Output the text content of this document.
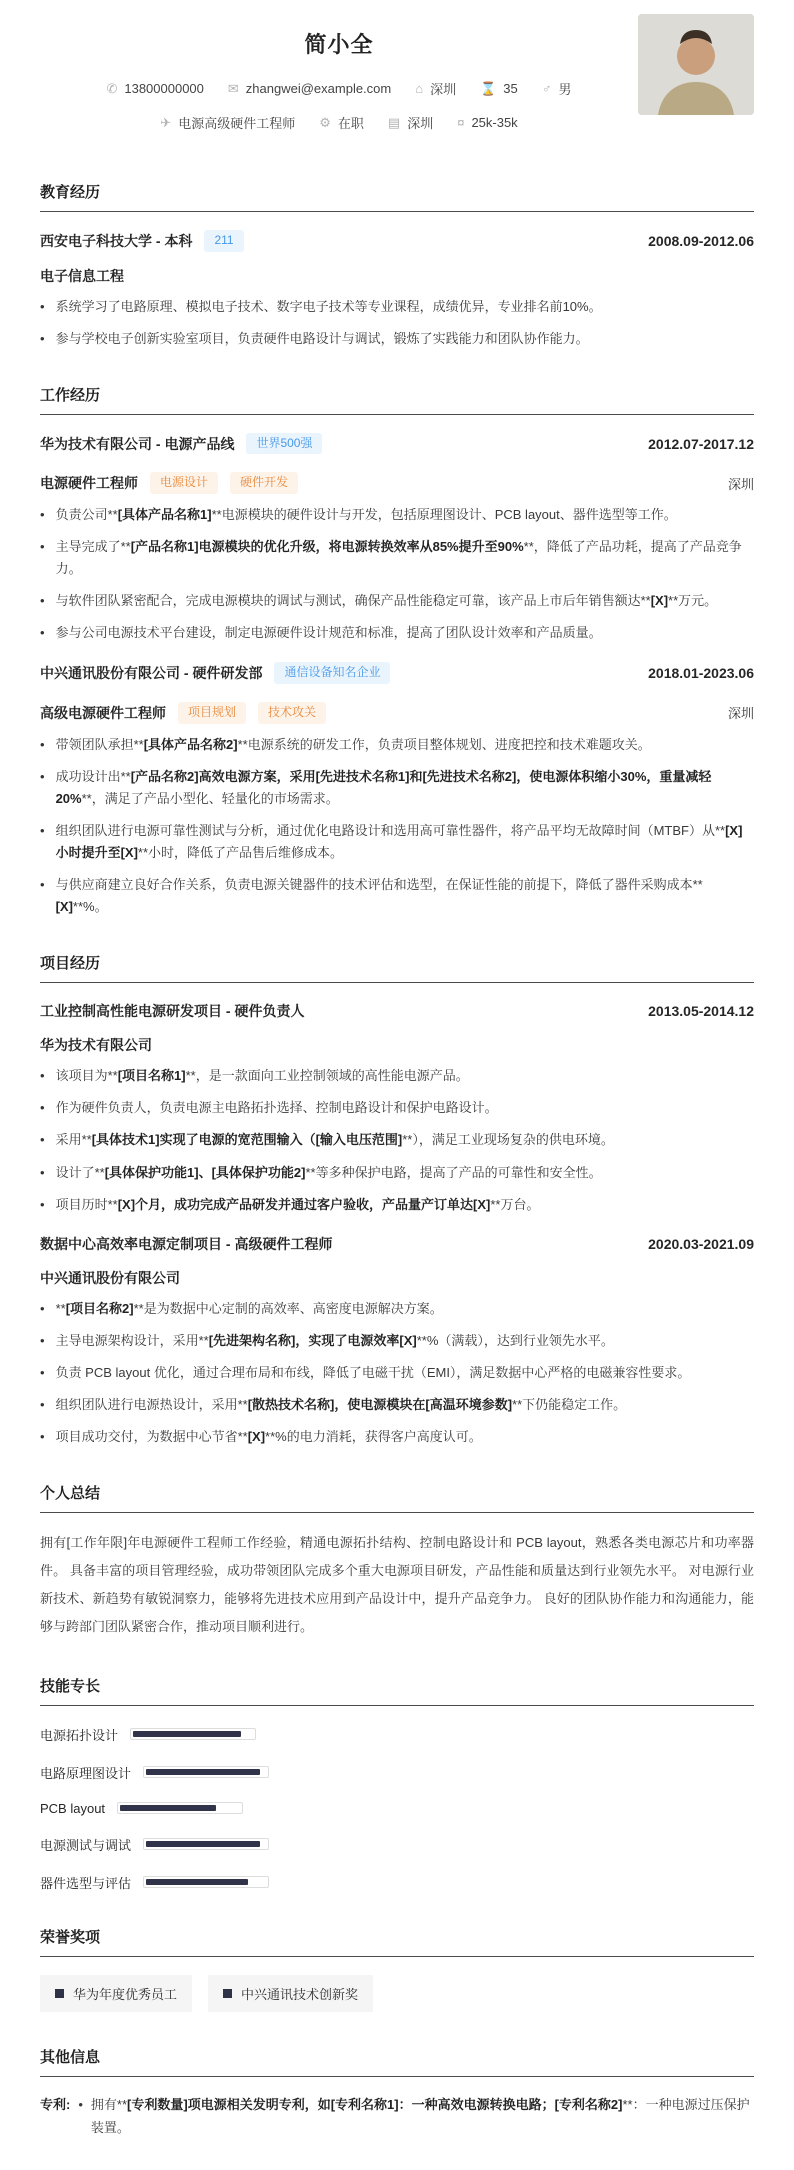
简小全
✆ 13800000000 ✉ zhangwei@example.com ⌂ 深圳 ⌛ 35 ♂ 男
✈ 电源高级硬件工程师 ⚙ 在职 ▤ 深圳 ¤ 25k-35k
教育经历
西安电子科技大学 - 本科	211	2008.09-2012.06
电子信息工程
• 系统学习了电路原理、模拟电子技术、数字电子技术等专业课程，成绩优异，专业排名前10%。
• 参与学校电子创新实验室项目，负责硬件电路设计与调试，锻炼了实践能力和团队协作能力。
工作经历
华为技术有限公司 - 电源产品线	世界500强	2012.07-2017.12
电源硬件工程师	电源设计	硬件开发	深圳
• 负责公司**[具体产品名称1]**电源模块的硬件设计与开发，包括原理图设计、PCB layout、器件选型等工作。
• 主导完成了**[产品名称1]电源模块的优化升级，将电源转换效率从85%提升至90%**，降低了产品功耗，提高了产品竞争力。
• 与软件团队紧密配合，完成电源模块的调试与测试，确保产品性能稳定可靠，该产品上市后年销售额达**[X]**万元。
• 参与公司电源技术平台建设，制定电源硬件设计规范和标准，提高了团队设计效率和产品质量。
中兴通讯股份有限公司 - 硬件研发部	通信设备知名企业	2018.01-2023.06
高级电源硬件工程师	项目规划	技术攻关	深圳
• 带领团队承担**[具体产品名称2]**电源系统的研发工作，负责项目整体规划、进度把控和技术难题攻关。
• 成功设计出**[产品名称2]高效电源方案，采用[先进技术名称1]和[先进技术名称2]，使电源体积缩小30%，重量减轻20%**，满足了产品小型化、轻量化的市场需求。
• 组织团队进行电源可靠性测试与分析，通过优化电路设计和选用高可靠性器件，将产品平均无故障时间（MTBF）从**[X]小时提升至[X]**小时，降低了产品售后维修成本。
• 与供应商建立良好合作关系，负责电源关键器件的技术评估和选型，在保证性能的前提下，降低了器件采购成本**[X]**%。
项目经历
工业控制高性能电源研发项目 - 硬件负责人	2013.05-2014.12
华为技术有限公司
• 该项目为**[项目名称1]**，是一款面向工业控制领域的高性能电源产品。
• 作为硬件负责人，负责电源主电路拓扑选择、控制电路设计和保护电路设计。
• 采用**[具体技术1]实现了电源的宽范围输入（[输入电压范围]**），满足工业现场复杂的供电环境。
• 设计了**[具体保护功能1]、[具体保护功能2]**等多种保护电路，提高了产品的可靠性和安全性。
• 项目历时**[X]个月，成功完成产品研发并通过客户验收，产品量产订单达[X]**万台。
数据中心高效率电源定制项目 - 高级硬件工程师	2020.03-2021.09
中兴通讯股份有限公司
• **[项目名称2]**是为数据中心定制的高效率、高密度电源解决方案。
• 主导电源架构设计，采用**[先进架构名称]，实现了电源效率[X]**%（满载），达到行业领先水平。
• 负责 PCB layout 优化，通过合理布局和布线，降低了电磁干扰（EMI），满足数据中心严格的电磁兼容性要求。
• 组织团队进行电源热设计，采用**[散热技术名称]，使电源模块在[高温环境参数]**下仍能稳定工作。
• 项目成功交付，为数据中心节省**[X]**%的电力消耗，获得客户高度认可。
个人总结

拥有[工作年限]年电源硬件工程师工作经验，精通电源拓扑结构、控制电路设计和 PCB layout，熟悉各类电源芯片和功率器件。 具备丰富的项目管理经验，成功带领团队完成多个重大电源项目研发，产品性能和质量达到行业领先水平。 对电源行业新技术、新趋势有敏锐洞察力，能够将先进技术应用到产品设计中，提升产品竞争力。 良好的团队协作能力和沟通能力，能够与跨部门团队紧密合作，推动项目顺利进行。

技能专长
电源拓扑设计
电路原理图设计
PCB layout
电源测试与调试
器件选型与评估
荣誉奖项
华为年度优秀员工	中兴通讯技术创新奖
其他信息
专利: • 拥有**[专利数量]项电源相关发明专利，如[专利名称1]：一种高效电源转换电路；[专利名称2]**：一种电源过压保护装置。
